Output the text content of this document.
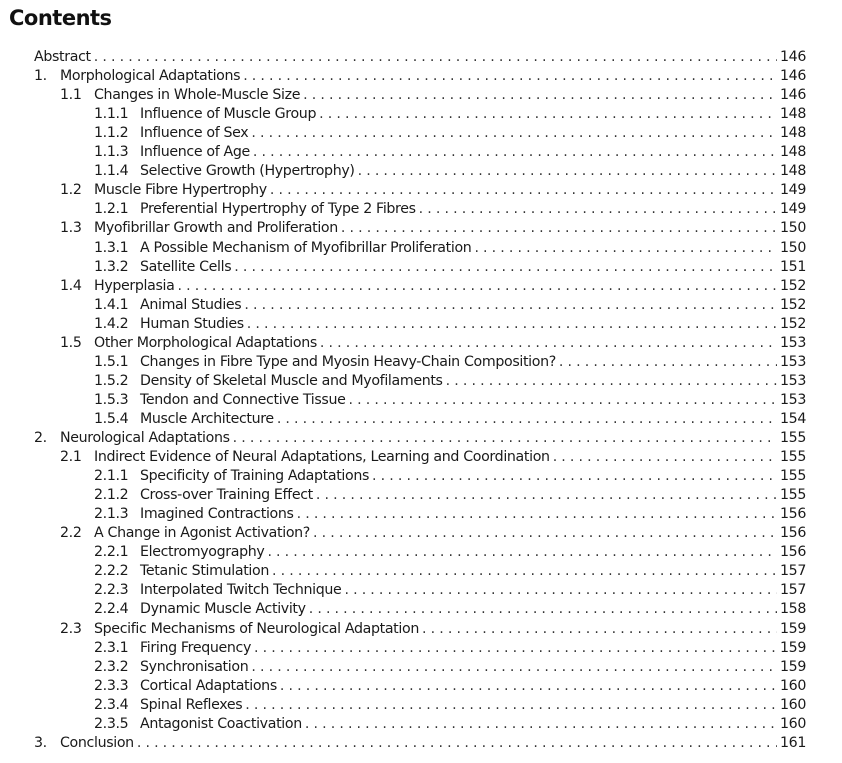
Contents
Abstract . . .	146
1. Morphological Adaptations . . .	146
1.1 Changes in Whole-Muscle Size . . .	146
1.1.1 Influence of Muscle Group . . .	148
1.1.2 Influence of Sex . . .	148
1.1.3 Influence of Age . . .	148
1.1.4 Selective Growth (Hypertrophy) . . .	148
1.2 Muscle Fibre Hypertrophy . . .	149
1.2.1 Preferential Hypertrophy of Type 2 Fibres . . .	149
1.3 Myofibrillar Growth and Proliferation . . .	150
1.3.1 A Possible Mechanism of Myofibrillar Proliferation . . .	150
1.3.2 Satellite Cells . . .	151
1.4 Hyperplasia . . .	152
1.4.1 Animal Studies . . .	152
1.4.2 Human Studies . . .	152
1.5 Other Morphological Adaptations . . .	153
1.5.1 Changes in Fibre Type and Myosin Heavy-Chain Composition? . . .	153
1.5.2 Density of Skeletal Muscle and Myofilaments . . .	153
1.5.3 Tendon and Connective Tissue . . .	153
1.5.4 Muscle Architecture . . .	154
2. Neurological Adaptations . . .	155
2.1 Indirect Evidence of Neural Adaptations, Learning and Coordination . . .	155
2.1.1 Specificity of Training Adaptations . . .	155
2.1.2 Cross-over Training Effect . . .	155
2.1.3 Imagined Contractions . . .	156
2.2 A Change in Agonist Activation? . . .	156
2.2.1 Electromyography . . .	156
2.2.2 Tetanic Stimulation . . .	157
2.2.3 Interpolated Twitch Technique . . .	157
2.2.4 Dynamic Muscle Activity . . .	158
2.3 Specific Mechanisms of Neurological Adaptation . . .	159
2.3.1 Firing Frequency . . .	159
2.3.2 Synchronisation . . .	159
2.3.3 Cortical Adaptations . . .	160
2.3.4 Spinal Reflexes . . .	160
2.3.5 Antagonist Coactivation . . .	160
3. Conclusion . . .	161
